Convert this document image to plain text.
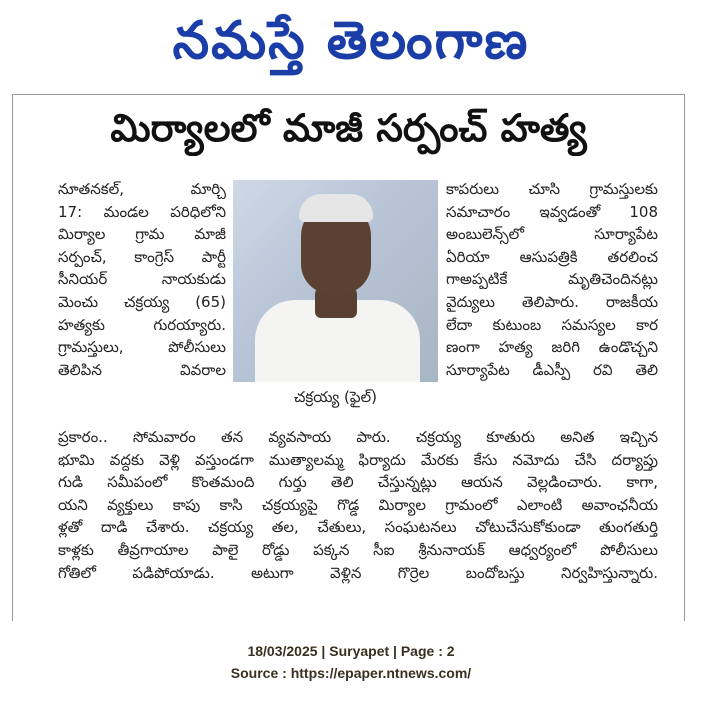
నమస్తే తెలంగాణ
మిర్యాలలో మాజీ సర్పంచ్ హత్య
నూతనకల్, మార్చి
17: మండల పరిధిలోని
మిర్యాల గ్రామ మాజీ
సర్పంచ్, కాంగ్రెస్ పార్టీ
సీనియర్ నాయకుడు
మెంచు చక్రయ్య (65)
హత్యకు గురయ్యారు.
గ్రామస్తులు, పోలీసులు
తెలిపిన వివరాల
చక్రయ్య (ఫైల్)
కాపరులు చూసి గ్రామస్తులకు
సమాచారం ఇవ్వడంతో 108
అంబులెన్స్‌లో సూర్యాపేట
ఏరియా ఆసుపత్రికి తరలించ
గాఅప్పటికే మృతిచెందినట్లు
వైద్యులు తెలిపారు. రాజకీయ
లేదా కుటుంబ సమస్యల కార
ణంగా హత్య జరిగి ఉండొచ్చని
సూర్యాపేట డీఎస్పీ రవి తెలి
ప్రకారం.. సోమవారం తన వ్యవసాయ పారు. చక్రయ్య కూతురు అనిత ఇచ్చిన
భూమి వద్దకు వెళ్లి వస్తుండగా ముత్యాలమ్మ ఫిర్యాదు మేరకు కేసు నమోదు చేసి దర్యాప్తు
గుడి సమీపంలో కొంతమంది గుర్తు తెలి చేస్తున్నట్లు ఆయన వెల్లడించారు. కాగా,
యని వ్యక్తులు కాపు కాసి చక్రయ్యపై గొడ్డ మిర్యాల గ్రామంలో ఎలాంటి అవాంఛనీయ
ళ్లతో దాడి చేశారు. చక్రయ్య తల, చేతులు, సంఘటనలు చోటుచేసుకోకుండా తుంగతుర్తి
కాళ్లకు తీవ్రగాయాల పాలై రోడ్డు పక్కన సీఐ శ్రీనునాయక్ ఆధ్వర్యంలో పోలీసులు
గోతిలో పడిపోయాడు. అటుగా వెళ్లిన గొర్రెల బందోబస్తు నిర్వహిస్తున్నారు.
18/03/2025 | Suryapet | Page : 2
Source : https://epaper.ntnews.com/
